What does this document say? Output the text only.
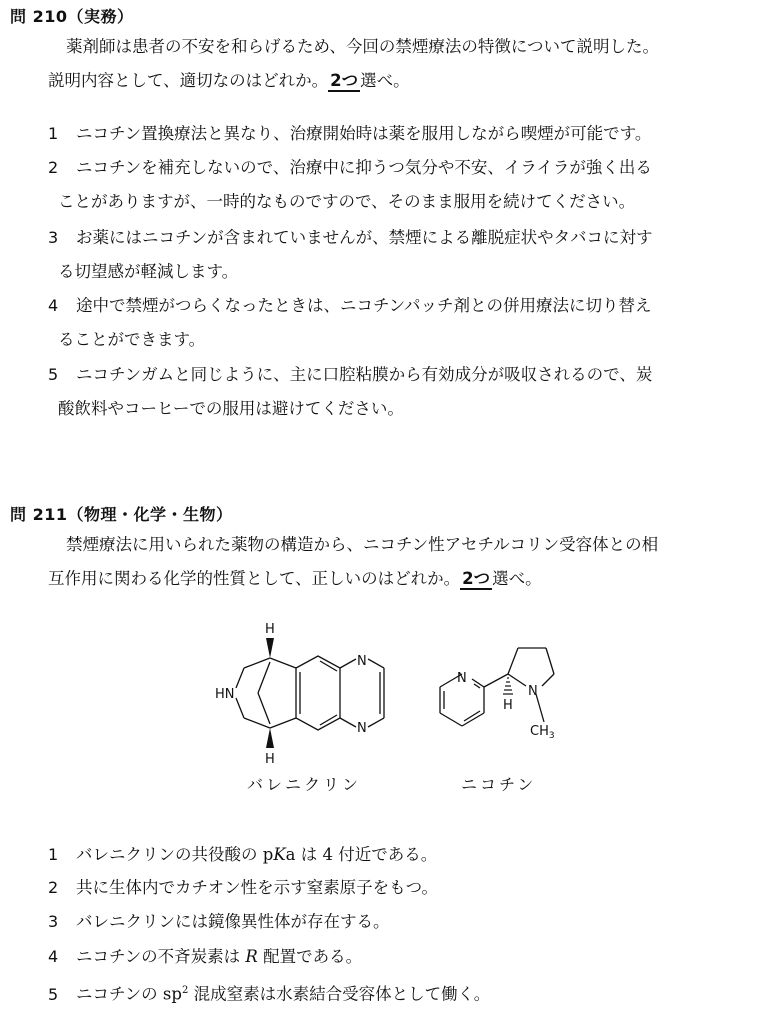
問 210（実務）
薬剤師は患者の不安を和らげるため、今回の禁煙療法の特徴について説明した。
説明内容として、適切なのはどれか。 2つ 選べ。
1 ニコチン置換療法と異なり、治療開始時は薬を服用しながら喫煙が可能です。
2 ニコチンを補充しないので、治療中に抑うつ気分や不安、イライラが強く出る
ことがありますが、一時的なものですので、そのまま服用を続けてください。
3 お薬にはニコチンが含まれていませんが、禁煙による離脱症状やタバコに対す
る切望感が軽減します。
4 途中で禁煙がつらくなったときは、ニコチンパッチ剤との併用療法に切り替え
ることができます。
5 ニコチンガムと同じように、主に口腔粘膜から有効成分が吸収されるので、炭
酸飲料やコーヒーでの服用は避けてください。
問 211（物理・化学・生物）
禁煙療法に用いられた薬物の構造から、ニコチン性アセチルコリン受容体との相
互作用に関わる化学的性質として、正しいのはどれか。 2つ 選べ。
H
H
HN
N
N
N
N
H
$CH_3$
バレニクリン	ニコチン
1 バレニクリンの共役酸の pKa は 4 付近である。
2 共に生体内でカチオン性を示す窒素原子をもつ。
3 バレニクリンには鏡像異性体が存在する。
4 ニコチンの不斉炭素は R 配置である。
5 ニコチンの $sp^2$ 混成窒素は水素結合受容体として働く。
